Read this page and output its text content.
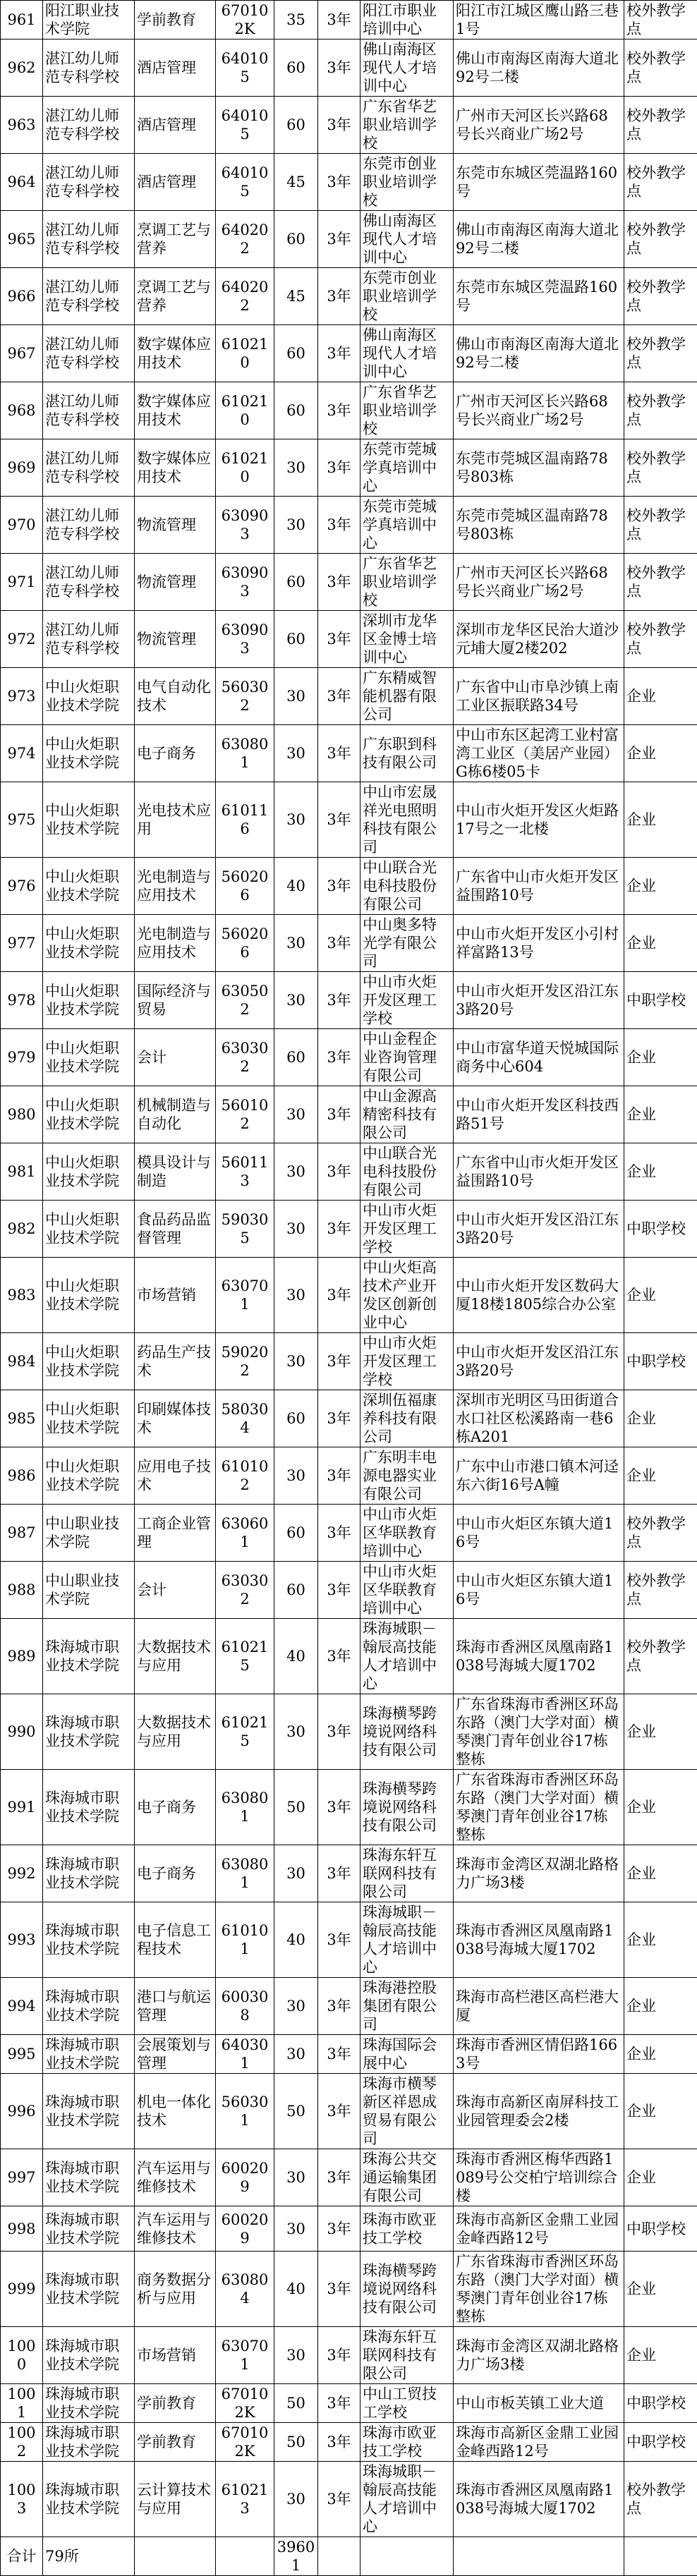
961	阳江职业技术学院	学前教育	670102K	35	3年	阳江市职业培训中心	阳江市江城区鹰山路三巷1号	校外教学点
962	湛江幼儿师范专科学校	酒店管理	640105	60	3年	佛山南海区现代人才培训中心	佛山市南海区南海大道北92号二楼	校外教学点
963	湛江幼儿师范专科学校	酒店管理	640105	60	3年	广东省华艺职业培训学校	广州市天河区长兴路68号长兴商业广场2号	校外教学点
964	湛江幼儿师范专科学校	酒店管理	640105	45	3年	东莞市创业职业培训学校	东莞市东城区莞温路160号	校外教学点
965	湛江幼儿师范专科学校	烹调工艺与营养	640202	60	3年	佛山南海区现代人才培训中心	佛山市南海区南海大道北92号二楼	校外教学点
966	湛江幼儿师范专科学校	烹调工艺与营养	640202	45	3年	东莞市创业职业培训学校	东莞市东城区莞温路160号	校外教学点
967	湛江幼儿师范专科学校	数字媒体应用技术	610210	60	3年	佛山南海区现代人才培训中心	佛山市南海区南海大道北92号二楼	校外教学点
968	湛江幼儿师范专科学校	数字媒体应用技术	610210	60	3年	广东省华艺职业培训学校	广州市天河区长兴路68号长兴商业广场2号	校外教学点
969	湛江幼儿师范专科学校	数字媒体应用技术	610210	30	3年	东莞市莞城学真培训中心	东莞市莞城区温南路78号803栋	校外教学点
970	湛江幼儿师范专科学校	物流管理	630903	30	3年	东莞市莞城学真培训中心	东莞市莞城区温南路78号803栋	校外教学点
971	湛江幼儿师范专科学校	物流管理	630903	60	3年	广东省华艺职业培训学校	广州市天河区长兴路68号长兴商业广场2号	校外教学点
972	湛江幼儿师范专科学校	物流管理	630903	60	3年	深圳市龙华区金博士培训中心	深圳市龙华区民治大道沙元埔大厦2楼202	校外教学点
973	中山火炬职业技术学院	电气自动化技术	560302	30	3年	广东精威智能机器有限公司	广东省中山市阜沙镇上南工业区振联路34号	企业
974	中山火炬职业技术学院	电子商务	630801	30	3年	广东职到科技有限公司	中山市东区起湾工业村富湾工业区（美居产业园）G栋6楼05卡	企业
975	中山火炬职业技术学院	光电技术应用	610116	30	3年	中山市宏晟祥光电照明科技有限公司	中山市火炬开发区火炬路17号之一北楼	企业
976	中山火炬职业技术学院	光电制造与应用技术	560206	40	3年	中山联合光电科技股份有限公司	广东省中山市火炬开发区益围路10号	企业
977	中山火炬职业技术学院	光电制造与应用技术	560206	30	3年	中山奥多特光学有限公司	中山市火炬开发区小引村祥富路13号	企业
978	中山火炬职业技术学院	国际经济与贸易	630502	30	3年	中山市火炬开发区理工学校	中山市火炬开发区沿江东3路20号	中职学校
979	中山火炬职业技术学院	会计	630302	60	3年	中山金程企业咨询管理有限公司	中山市富华道天悦城国际商务中心604	企业
980	中山火炬职业技术学院	机械制造与自动化	560102	30	3年	中山金源高精密科技有限公司	中山市火炬开发区科技西路51号	企业
981	中山火炬职业技术学院	模具设计与制造	560113	30	3年	中山联合光电科技股份有限公司	广东省中山市火炬开发区益围路10号	企业
982	中山火炬职业技术学院	食品药品监督管理	590305	30	3年	中山市火炬开发区理工学校	中山市火炬开发区沿江东3路20号	中职学校
983	中山火炬职业技术学院	市场营销	630701	30	3年	中山火炬高技术产业开发区创新创业中心	中山市火炬开发区数码大厦18楼1805综合办公室	企业
984	中山火炬职业技术学院	药品生产技术	590202	30	3年	中山市火炬开发区理工学校	中山市火炬开发区沿江东3路20号	中职学校
985	中山火炬职业技术学院	印刷媒体技术	580304	60	3年	深圳伍福康养科技有限公司	深圳市光明区马田街道合水口社区松溪路南一巷6栋A201	企业
986	中山火炬职业技术学院	应用电子技术	610102	30	3年	广东明丰电源电器实业有限公司	广东中山市港口镇木河迳东六街16号A幢	企业
987	中山职业技术学院	工商企业管理	630601	60	3年	中山市火炬区华联教育培训中心	中山市火炬区东镇大道16号	校外教学点
988	中山职业技术学院	会计	630302	60	3年	中山市火炬区华联教育培训中心	中山市火炬区东镇大道16号	校外教学点
989	珠海城市职业技术学院	大数据技术与应用	610215	40	3年	珠海城职－翰辰高技能人才培训中心	珠海市香洲区凤凰南路1038号海城大厦1702	校外教学点
990	珠海城市职业技术学院	大数据技术与应用	610215	30	3年	珠海横琴跨境说网络科技有限公司	广东省珠海市香洲区环岛东路（澳门大学对面）横琴澳门青年创业谷17栋整栋	企业
991	珠海城市职业技术学院	电子商务	630801	50	3年	珠海横琴跨境说网络科技有限公司	广东省珠海市香洲区环岛东路（澳门大学对面）横琴澳门青年创业谷17栋整栋	企业
992	珠海城市职业技术学院	电子商务	630801	30	3年	珠海东轩互联网科技有限公司	珠海市金湾区双湖北路格力广场3楼	企业
993	珠海城市职业技术学院	电子信息工程技术	610101	40	3年	珠海城职－翰辰高技能人才培训中心	珠海市香洲区凤凰南路1038号海城大厦1702	企业
994	珠海城市职业技术学院	港口与航运管理	600308	30	3年	珠海港控股集团有限公司	珠海市高栏港区高栏港大厦	企业
995	珠海城市职业技术学院	会展策划与管理	640301	30	3年	珠海国际会展中心	珠海市香洲区情侣路1663号	企业
996	珠海城市职业技术学院	机电一体化技术	560301	50	3年	珠海市横琴新区祥恩成贸易有限公司	珠海市高新区南屏科技工业园管理委会2楼	企业
997	珠海城市职业技术学院	汽车运用与维修技术	600209	30	3年	珠海公共交通运输集团有限公司	珠海市香洲区梅华西路1089号公交柏宁培训综合楼	企业
998	珠海城市职业技术学院	汽车运用与维修技术	600209	30	3年	珠海市欧亚技工学校	珠海市高新区金鼎工业园金峰西路12号	中职学校
999	珠海城市职业技术学院	商务数据分析与应用	630804	40	3年	珠海横琴跨境说网络科技有限公司	广东省珠海市香洲区环岛东路（澳门大学对面）横琴澳门青年创业谷17栋整栋	企业
1000	珠海城市职业技术学院	市场营销	630701	30	3年	珠海东轩互联网科技有限公司	珠海市金湾区双湖北路格力广场3楼	企业
1001	珠海城市职业技术学院	学前教育	670102K	50	3年	中山工贸技工学校	中山市板芙镇工业大道	中职学校
1002	珠海城市职业技术学院	学前教育	670102K	50	3年	珠海市欧亚技工学校	珠海市高新区金鼎工业园金峰西路12号	中职学校
1003	珠海城市职业技术学院	云计算技术与应用	610213	30	3年	珠海城职－翰辰高技能人才培训中心	珠海市香洲区凤凰南路1038号海城大厦1702	校外教学点
合计	79所			39601				
